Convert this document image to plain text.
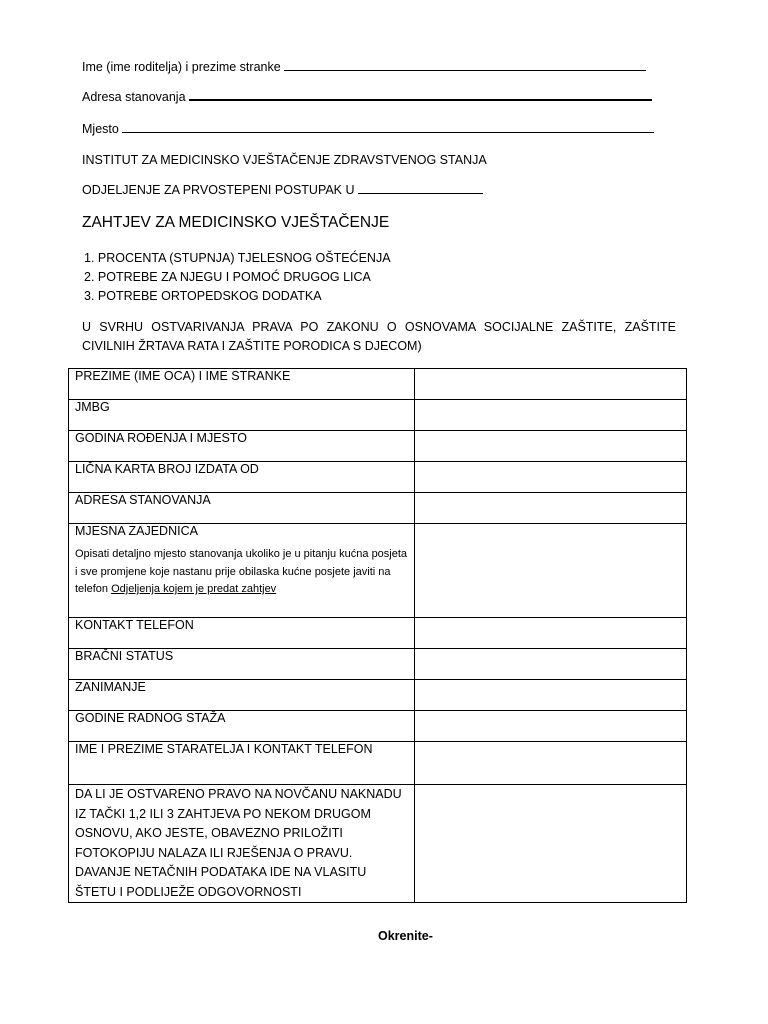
Ime (ime roditelja) i prezime stranke
Adresa stanovanja
Mjesto
INSTITUT ZA MEDICINSKO VJEŠTAČENJE ZDRAVSTVENOG STANJA
ODJELJENJE ZA PRVOSTEPENI POSTUPAK U
ZAHTJEV ZA MEDICINSKO VJEŠTAČENJE
1. PROCENTA (STUPNJA) TJELESNOG OŠTEĆENJA
2. POTREBE ZA NJEGU I POMOĆ DRUGOG LICA
3. POTREBE ORTOPEDSKOG DODATKA
U SVRHU OSTVARIVANJA PRAVA PO ZAKONU O OSNOVAMA SOCIJALNE ZAŠTITE, ZAŠTITE CIVILNIH ŽRTAVA RATA I ZAŠTITE PORODICA S DJECOM)
PREZIME (IME OCA) I IME STRANKE	
JMBG	
GODINA ROĐENJA I MJESTO	
LIČNA KARTA BROJ IZDATA OD	
ADRESA STANOVANJA	
MJESNA ZAJEDNICA
Opisati detaljno mjesto stanovanja ukoliko je u pitanju kućna posjeta i sve promjene koje nastanu prije obilaska kućne posjete javiti na telefon Odjeljenja kojem je predat zahtjev	

KONTAKT TELEFON	
BRAČNI STATUS	
ZANIMANJE	
GODINE RADNOG STAŽA	
IME I PREZIME STARATELJA I KONTAKT TELEFON	

DA LI JE OSTVARENO PRAVO NA NOVČANU NAKNADU IZ TAČKI 1,2 ILI 3 ZAHTJEVA PO NEKOM DRUGOM OSNOVU, AKO JESTE, OBAVEZNO PRILOŽITI FOTOKOPIJU NALAZA ILI RJEŠENJA O PRAVU. DAVANJE NETAČNIH PODATAKA IDE NA VLASITU ŠTETU I PODLIJEŽE ODGOVORNOSTI	

Okrenite-
